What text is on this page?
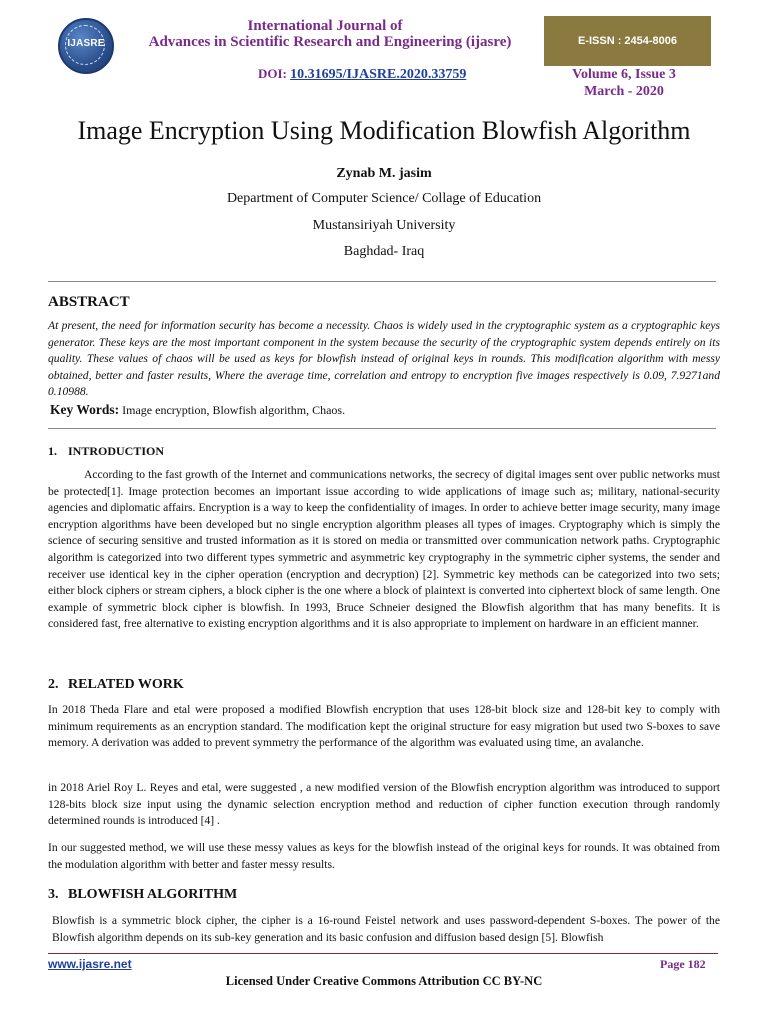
IJASRE
International Journal of
Advances in Scientific Research and Engineering (ijasre)	E-ISSN : 2454-8006
DOI: 10.31695/IJASRE.2020.33759	Volume 6, Issue 3
March - 2020
Image Encryption Using Modification Blowfish Algorithm
Zynab M. jasim
Department of Computer Science/ Collage of Education
Mustansiriyah University
Baghdad- Iraq
ABSTRACT
At present, the need for information security has become a necessity. Chaos is widely used in the cryptographic system as a cryptographic keys generator. These keys are the most important component in the system because the security of the cryptographic system depends entirely on its quality. These values of chaos will be used as keys for blowfish instead of original keys in rounds. This modification algorithm with messy obtained, better and faster results, Where the average time, correlation and entropy to encryption five images respectively is 0.09, 7.9271and 0.10988.
Key Words: Image encryption, Blowfish algorithm, Chaos.
1. INTRODUCTION
According to the fast growth of the Internet and communications networks, the secrecy of digital images sent over public networks must be protected[1]. Image protection becomes an important issue according to wide applications of image such as; military, national-security agencies and diplomatic affairs. Encryption is a way to keep the confidentiality of images. In order to achieve better image security, many image encryption algorithms have been developed but no single encryption algorithm pleases all types of images. Cryptography which is simply the science of securing sensitive and trusted information as it is stored on media or transmitted over communication network paths. Cryptographic algorithm is categorized into two different types symmetric and asymmetric key cryptography in the symmetric cipher systems, the sender and receiver use identical key in the cipher operation (encryption and decryption) [2]. Symmetric key methods can be categorized into two sets; either block ciphers or stream ciphers, a block cipher is the one where a block of plaintext is converted into ciphertext block of same length. One example of symmetric block cipher is blowfish. In 1993, Bruce Schneier designed the Blowfish algorithm that has many benefits. It is considered fast, free alternative to existing encryption algorithms and it is also appropriate to implement on hardware in an efficient manner.
2. RELATED WORK
In 2018 Theda Flare and etal were proposed a modified Blowfish encryption that uses 128-bit block size and 128-bit key to comply with minimum requirements as an encryption standard. The modification kept the original structure for easy migration but used two S-boxes to save memory. A derivation was added to prevent symmetry the performance of the algorithm was evaluated using time, an avalanche.
in 2018 Ariel Roy L. Reyes and etal, were suggested , a new modified version of the Blowfish encryption algorithm was introduced to support 128-bits block size input using the dynamic selection encryption method and reduction of cipher function execution through randomly determined rounds is introduced [4] .
In our suggested method, we will use these messy values as keys for the blowfish instead of the original keys for rounds. It was obtained from the modulation algorithm with better and faster messy results.
3. BLOWFISH ALGORITHM
Blowfish is a symmetric block cipher, the cipher is a 16-round Feistel network and uses password-dependent S-boxes. The power of the Blowfish algorithm depends on its sub-key generation and its basic confusion and diffusion based design [5]. Blowfish
www.ijasre.net	Page 182
Licensed Under Creative Commons Attribution CC BY-NC
